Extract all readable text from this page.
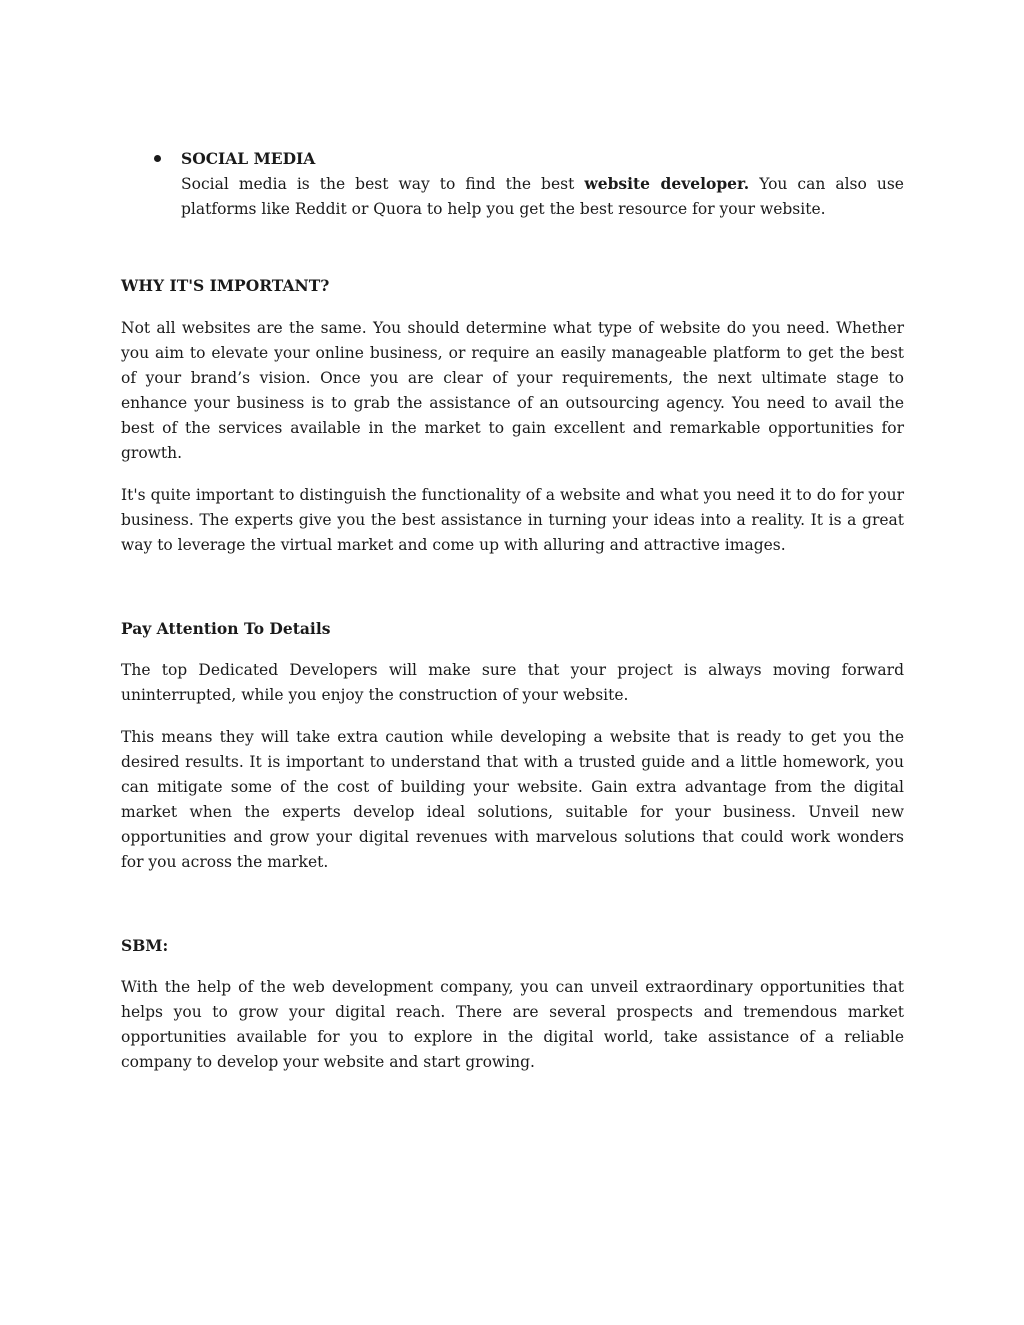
SOCIAL MEDIA

Social media is the best way to find the best website developer. You can also use platforms like Reddit or Quora to help you get the best resource for your website.

WHY IT'S IMPORTANT?

Not all websites are the same. You should determine what type of website do you need. Whether you aim to elevate your online business, or require an easily manageable platform to get the best of your brand’s vision. Once you are clear of your requirements, the next ultimate stage to enhance your business is to grab the assistance of an outsourcing agency. You need to avail the best of the services available in the market to gain excellent and remarkable opportunities for growth.

It's quite important to distinguish the functionality of a website and what you need it to do for your business. The experts give you the best assistance in turning your ideas into a reality. It is a great way to leverage the virtual market and come up with alluring and attractive images.

Pay Attention To Details

The top Dedicated Developers will make sure that your project is always moving forward uninterrupted, while you enjoy the construction of your website.

This means they will take extra caution while developing a website that is ready to get you the desired results. It is important to understand that with a trusted guide and a little homework, you can mitigate some of the cost of building your website. Gain extra advantage from the digital market when the experts develop ideal solutions, suitable for your business. Unveil new opportunities and grow your digital revenues with marvelous solutions that could work wonders for you across the market.

SBM:

With the help of the web development company, you can unveil extraordinary opportunities that helps you to grow your digital reach. There are several prospects and tremendous market opportunities available for you to explore in the digital world, take assistance of a reliable company to develop your website and start growing.
